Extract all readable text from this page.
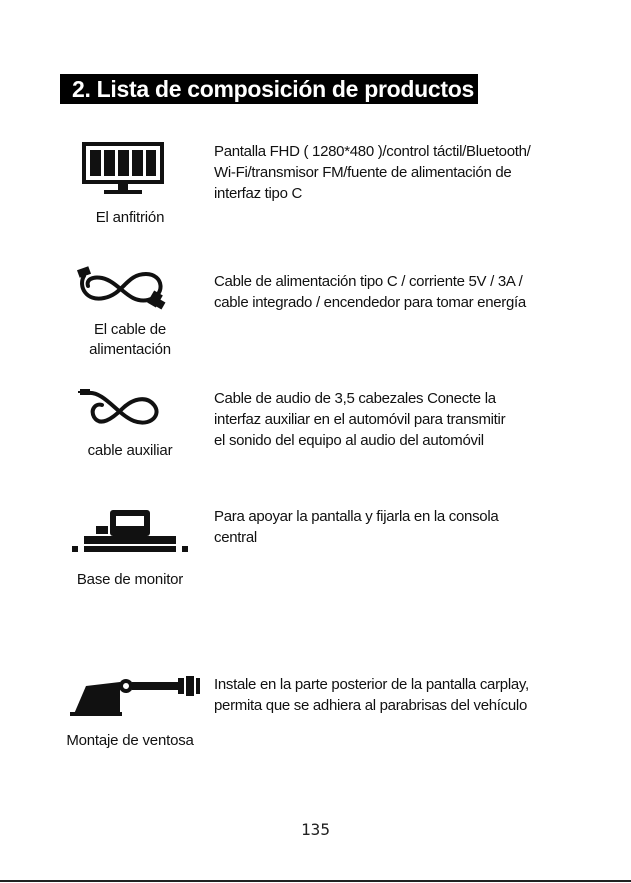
2. Lista de composición de productos
El anfitrión
Pantalla FHD ( 1280*480 )/control táctil/Bluetooth/
Wi-Fi/transmisor FM/fuente de alimentación de
interfaz tipo C
El cable de
alimentación
Cable de alimentación tipo C / corriente 5V / 3A /
cable integrado / encendedor para tomar energía
cable auxiliar
Cable de audio de 3,5 cabezales Conecte la
interfaz auxiliar en el automóvil para transmitir
el sonido del equipo al audio del automóvil
Base de monitor
Para apoyar la pantalla y fijarla en la consola
central
Montaje de ventosa
Instale en la parte posterior de la pantalla carplay,
permita que se adhiera al parabrisas del vehículo
135
